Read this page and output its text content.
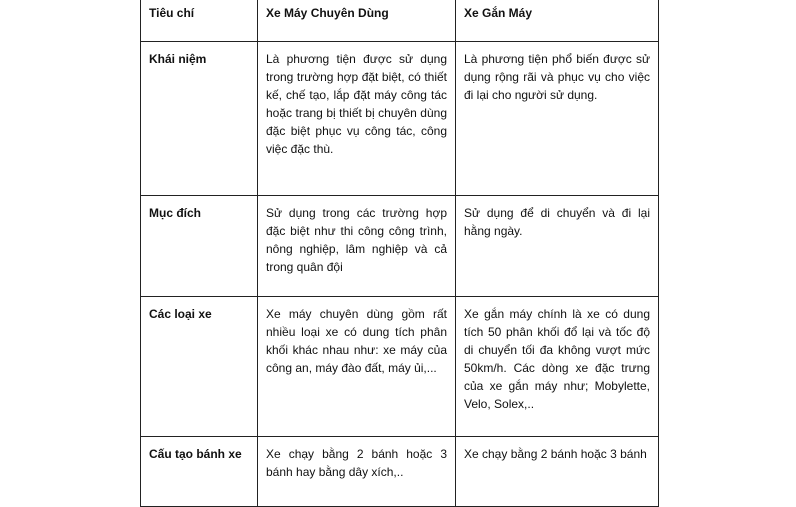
Tiêu chí	Xe Máy Chuyên Dùng	Xe Gắn Máy
Khái niệm	Là phương tiện được sử dụng trong trường hợp đặt biệt, có thiết kế, chế tạo, lắp đặt máy công tác hoặc trang bị thiết bị chuyên dùng đặc biệt phục vụ công tác, công việc đặc thù.	Là phương tiện phổ biến được sử dụng rộng rãi và phục vụ cho việc đi lại cho người sử dụng.
Mục đích	Sử dụng trong các trường hợp đặc biệt như thi công công trình, nông nghiệp, lâm nghiệp và cả trong quân đội	Sử dụng để di chuyển và đi lại hằng ngày.
Các loại xe	Xe máy chuyên dùng gồm rất nhiều loại xe có dung tích phân khối khác nhau như: xe máy của công an, máy đào đất, máy ủi,...	Xe gắn máy chính là xe có dung tích 50 phân khối đổ lại và tốc độ di chuyển tối đa không vượt mức 50km/h. Các dòng xe đặc trưng của xe gắn máy như; Mobylette, Velo, Solex,..
Cấu tạo bánh xe	Xe chạy bằng 2 bánh hoặc 3 bánh hay bằng dây xích,..	Xe chạy bằng 2 bánh hoặc 3 bánh
